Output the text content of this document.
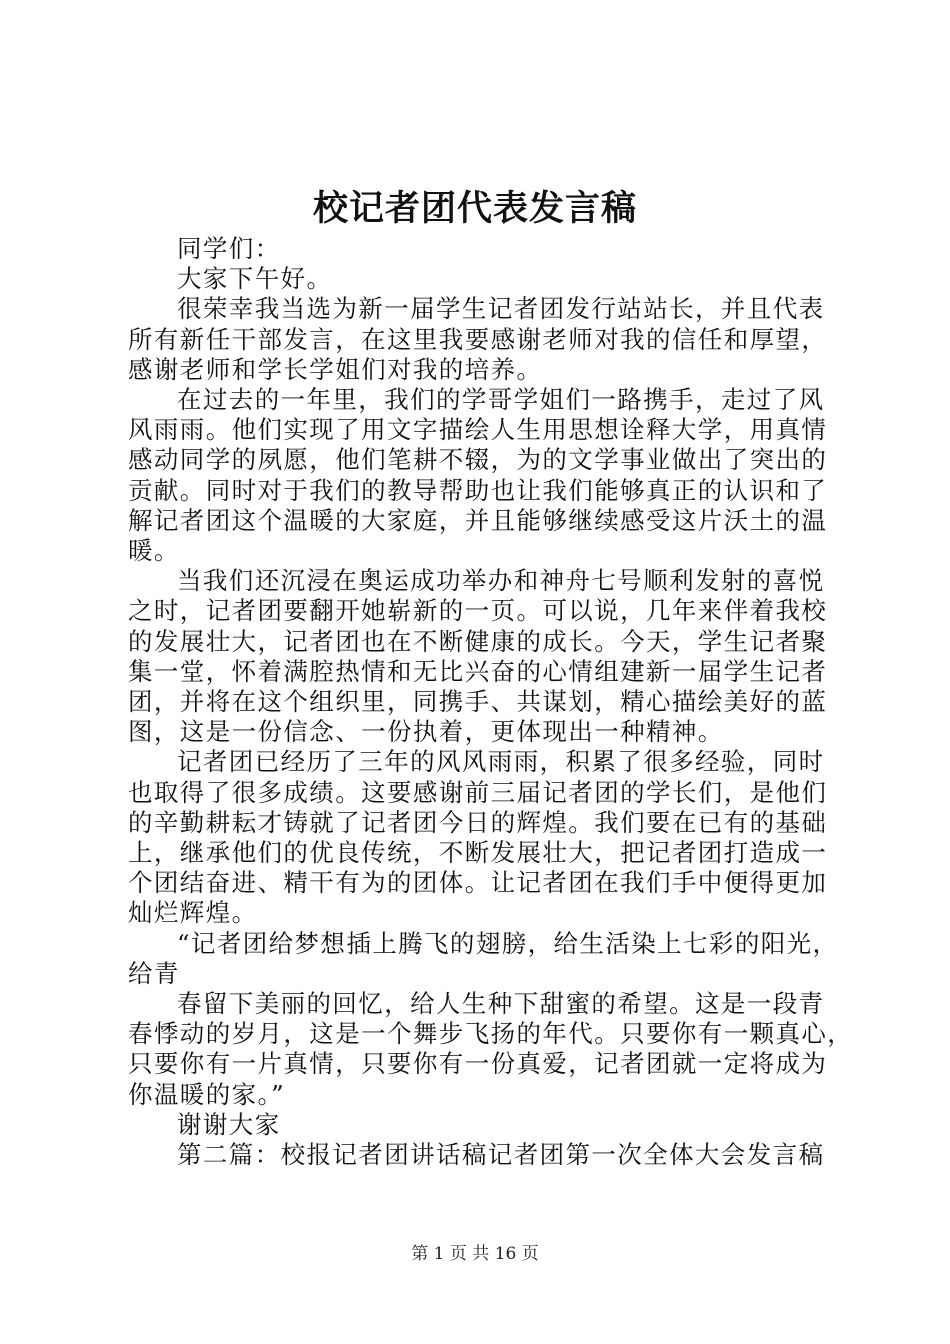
校记者团代表发言稿
同学们：
大家下午好。
很荣幸我当选为新一届学生记者团发行站站长，并且代表
所有新任干部发言，在这里我要感谢老师对我的信任和厚望，
感谢老师和学长学姐们对我的培养。
在过去的一年里，我们的学哥学姐们一路携手，走过了风
风雨雨。他们实现了用文字描绘人生用思想诠释大学，用真情
感动同学的夙愿，他们笔耕不辍，为的文学事业做出了突出的
贡献。同时对于我们的教导帮助也让我们能够真正的认识和了
解记者团这个温暖的大家庭，并且能够继续感受这片沃土的温
暖。
当我们还沉浸在奥运成功举办和神舟七号顺利发射的喜悦
之时，记者团要翻开她崭新的一页。可以说，几年来伴着我校
的发展壮大，记者团也在不断健康的成长。今天，学生记者聚
集一堂，怀着满腔热情和无比兴奋的心情组建新一届学生记者
团，并将在这个组织里，同携手、共谋划，精心描绘美好的蓝
图，这是一份信念、一份执着，更体现出一种精神。
记者团已经历了三年的风风雨雨，积累了很多经验，同时
也取得了很多成绩。这要感谢前三届记者团的学长们，是他们
的辛勤耕耘才铸就了记者团今日的辉煌。我们要在已有的基础
上，继承他们的优良传统，不断发展壮大，把记者团打造成一
个团结奋进、精干有为的团体。让记者团在我们手中便得更加
灿烂辉煌。
“记者团给梦想插上腾飞的翅膀，给生活染上七彩的阳光，
给青
春留下美丽的回忆，给人生种下甜蜜的希望。这是一段青
春悸动的岁月，这是一个舞步飞扬的年代。只要你有一颗真心，
只要你有一片真情，只要你有一份真爱，记者团就一定将成为
你温暖的家。”
谢谢大家
第二篇：校报记者团讲话稿记者团第一次全体大会发言稿
第 1 页 共 16 页
